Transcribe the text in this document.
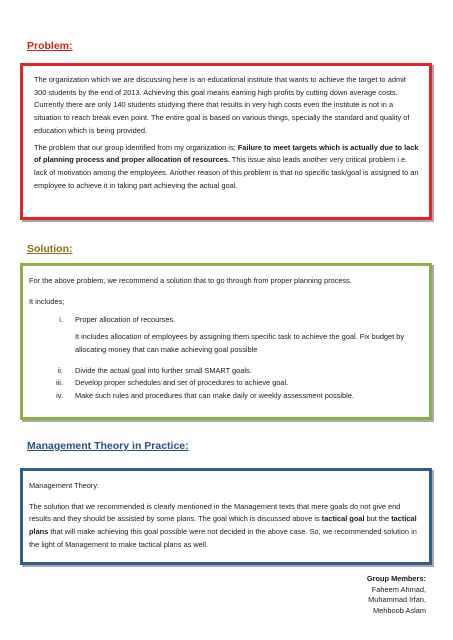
Problem:

The organization which we are discussing here is an educational institute that wants to achieve the target to admit 300 students by the end of 2013. Achieving this goal means earning high profits by cutting down average costs. Currently there are only 140 students studying there that results in very high costs even the institute is not in a situation to reach break even point. The entire goal is based on various things, specially the standard and quality of education which is being provided.

The problem that our group identified from my organization is; Failure to meet targets which is actually due to lack of planning process and proper allocation of resources. This issue also leads another very critical problem i.e. lack of motivation among the employees. Another reason of this problem is that no specific task/goal is assigned to an employee to achieve it in taking part achieving the actual goal.

Solution:

For the above problem, we recommend a solution that to go through from proper planning process.

It includes;

i.	Proper allocation of recourses.
It includes allocation of employees by assigning them specific task to achieve the goal. Fix budget by allocating money that can make achieving goal possible
ii.	Divide the actual goal into further small SMART goals.
iii.	Develop proper schedules and set of procedures to achieve goal.
iv.	Make such rules and procedures that can make daily or weekly assessment possible.
Management Theory in Practice:

Management Theory:

The solution that we recommended is clearly mentioned in the Management texts that mere goals do not give end results and they should be assisted by some plans. The goal which is discussed above is tactical goal but the tactical plans that will make achieving this goal possible were not decided in the above case. So, we recommended solution in the light of Management to make tactical plans as well.

Group Members:
Faheem Ahmad,
Muhammad Irfan,
Mehboob Aslam
